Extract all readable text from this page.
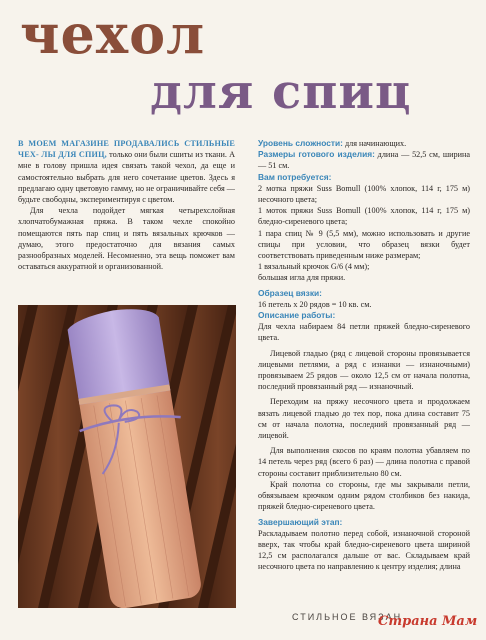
чехол
для спиц

В МОЕМ МАГАЗИНЕ ПРОДАВАЛИСЬ СТИЛЬНЫЕ ЧЕХ- ЛЫ ДЛЯ СПИЦ, только они были сшиты из ткани. А мне в голову пришла идея связать такой чехол, да еще и самостоятельно выбрать для него сочетание цветов. Здесь я предлагаю одну цветовую гамму, но не ограничивайте себя — будьте свободны, экспериментируя с цветом.

Для чехла подойдет мягкая четырехслойная хлопчатобумажная пряжа. В таком чехле спокойно помещаются пять пар спиц и пять вязальных крючков — думаю, этого предостаточно для вязания самых разнообразных моделей. Несомненно, эта вещь поможет вам оставаться аккуратной и организованной.

Уровень сложности: для начинающих.

Размеры готового изделия: длина — 52,5 см, ширина — 51 см.

Вам потребуется:

2 мотка пряжи Suss Bomull (100% хлопок, 114 г, 175 м) несочного цвета;

1 моток пряжи Suss Bomull (100% хлопок, 114 г, 175 м) бледно-сиреневого цвета;

1 пара спиц № 9 (5,5 мм), можно использовать и другие спицы при условии, что образец вязки будет соответствовать приведенным ниже размерам;

1 вязальный крючок G/6 (4 мм);

большая игла для пряжи.

Образец вязки:

16 петель х 20 рядов = 10 кв. см.

Описание работы:

Для чехла набираем 84 петли пряжей бледно-сиреневого цвета.

Лицевой гладью (ряд с лицевой стороны провязывается лицевыми петлями, а ряд с изнанки — изнаночными) провязываем 25 рядов — около 12,5 см от начала полотна, последний провязанный ряд — изнаночный.

Переходим на пряжу несочного цвета и продолжаем вязать лицевой гладью до тех пор, пока длина составит 75 см от начала полотна, последний провязанный ряд — лицевой.

Для выполнения скосов по краям полотна убавляем по 14 петель через ряд (всего 6 раз) — длина полотна с правой стороны составит приблизительно 80 см.

Край полотна со стороны, где мы закрывали петли, обвязываем крючком одним рядом столбиков без накида, пряжей бледно-сиреневого цвета.

Завершающий этап:

Раскладываем полотно перед собой, изнаночной стороной вверх, так чтобы край бледно-сиреневого цвета шириной 12,5 см располагался дальше от вас. Складываем край несочного цвета по направлению к центру изделия; длина

СТИЛЬНОЕ ВЯЗАН
Страна Мам
